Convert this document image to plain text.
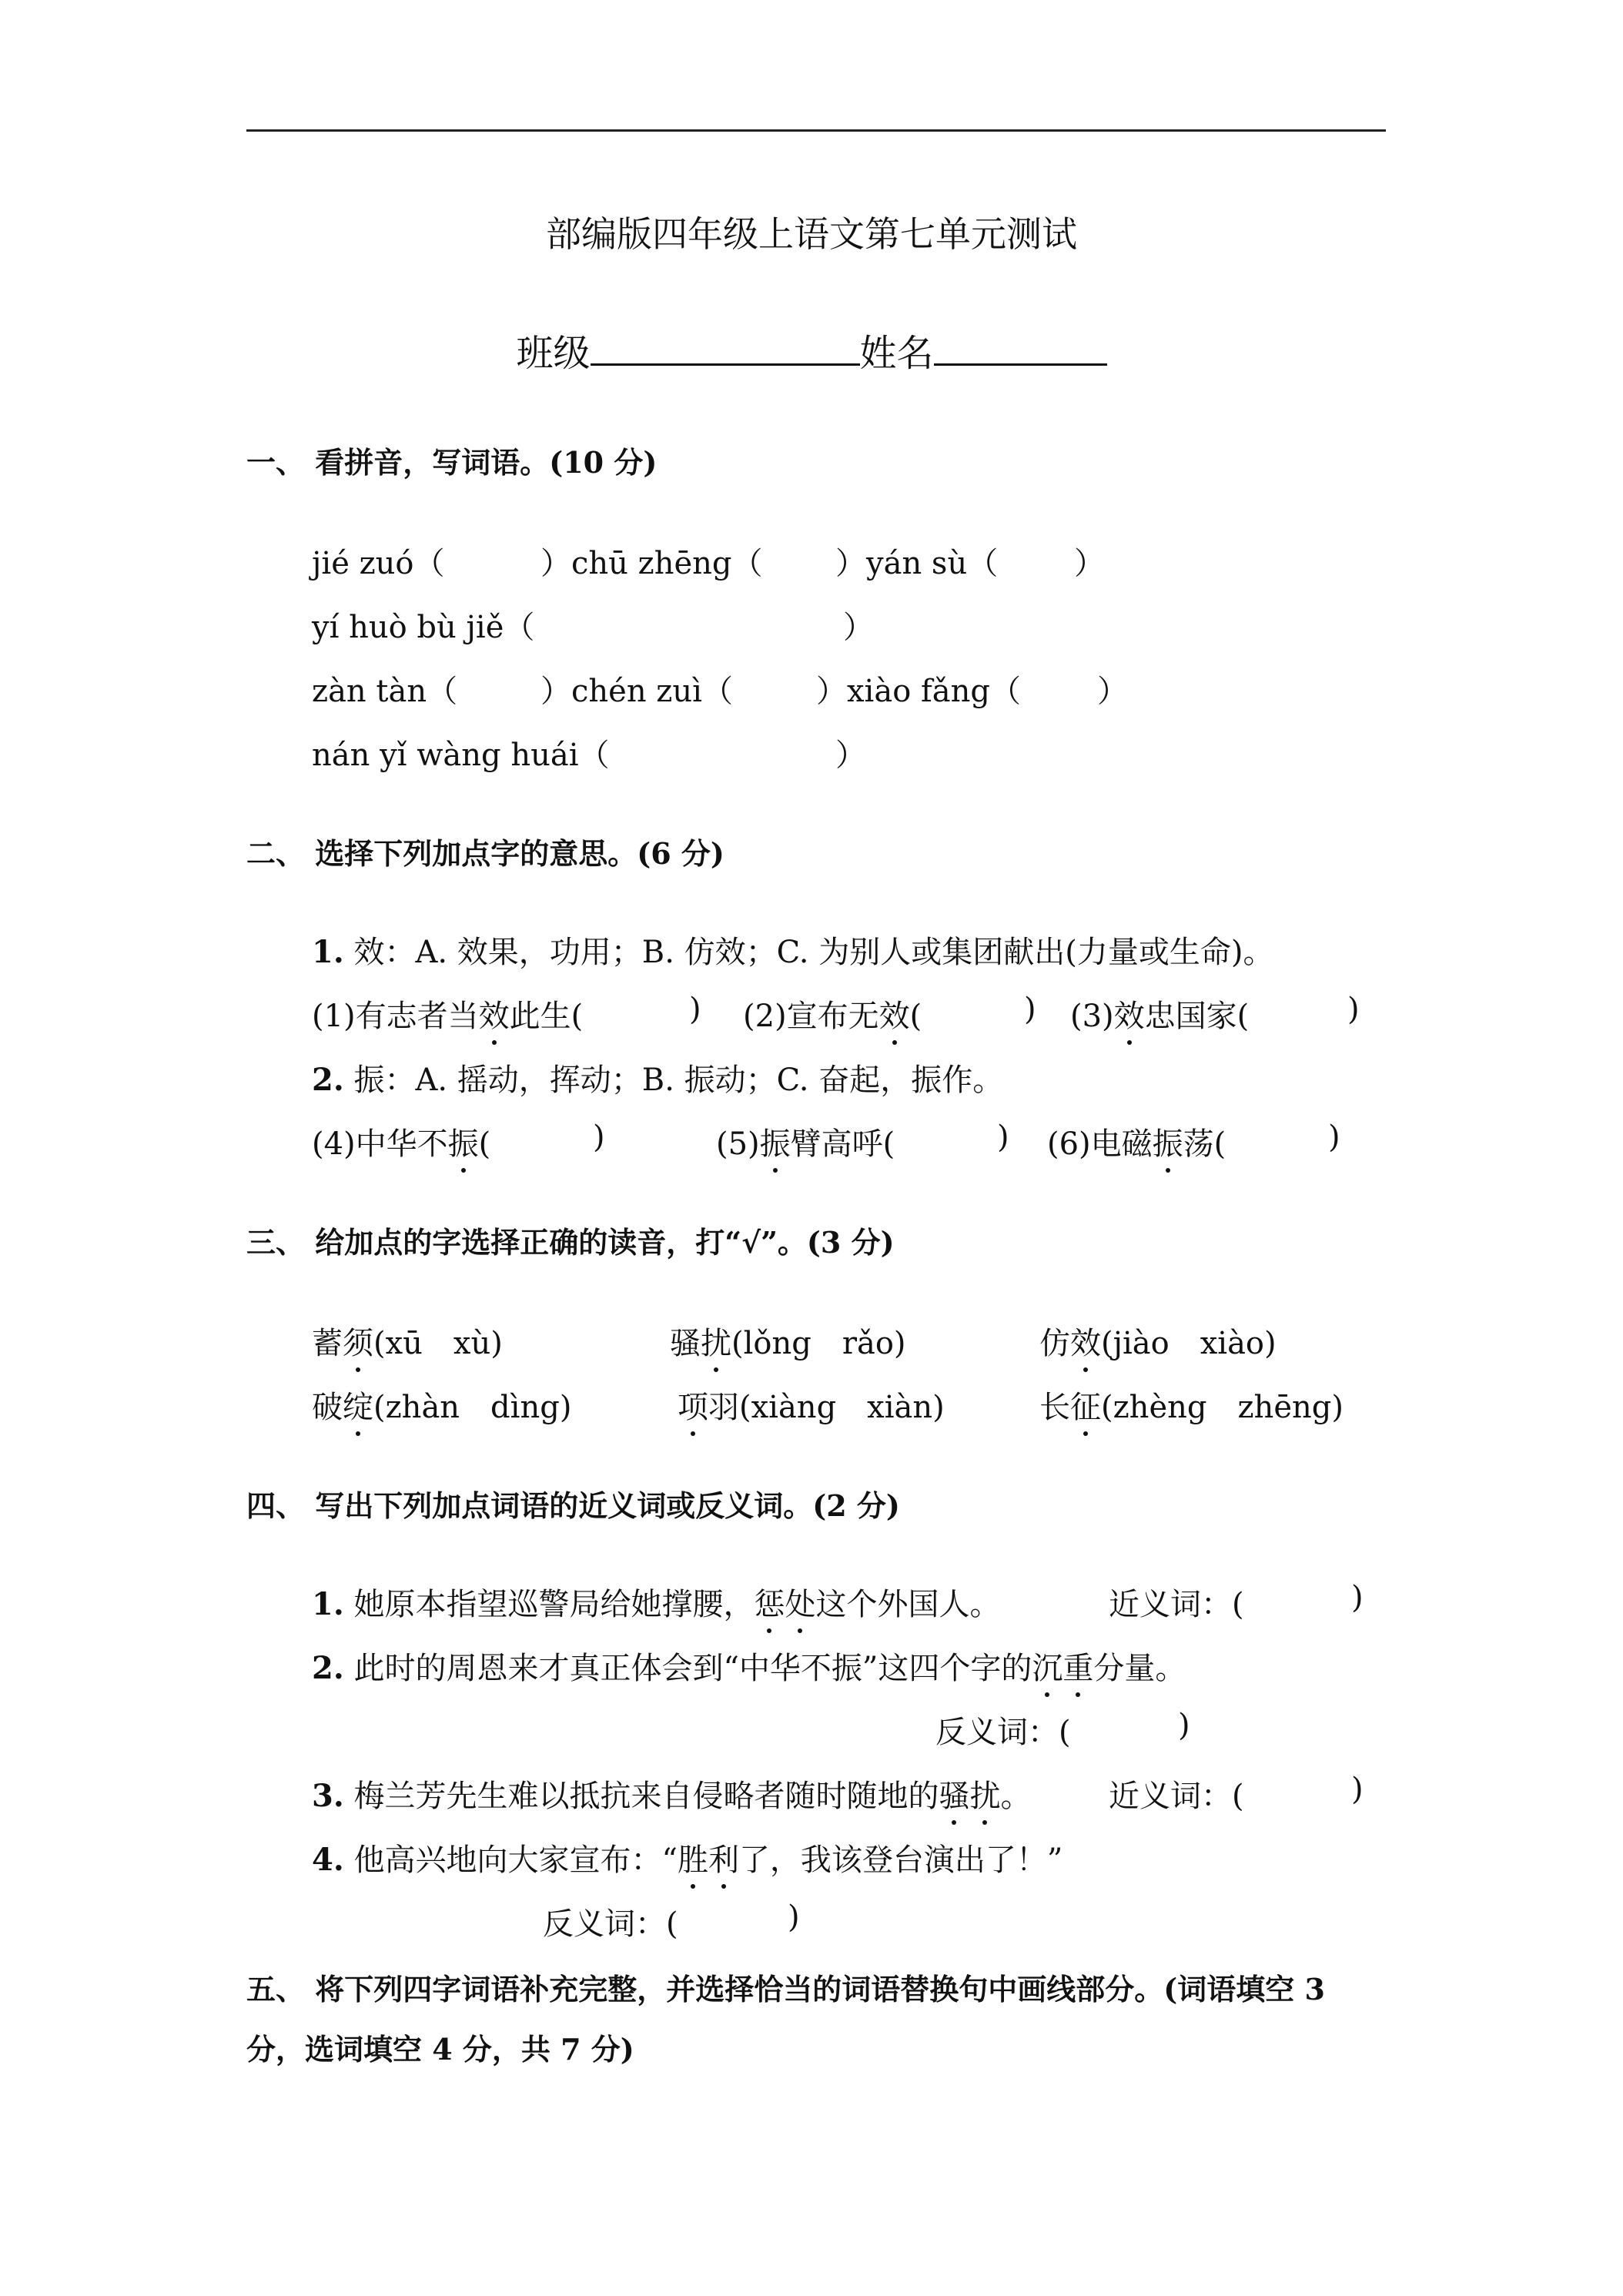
部编版四年级上语文第七单元测试
班级	姓名
一、 看拼音，写词语。(10 分)
jié zuó（	）chū zhēng（ ）yán sù（ ）
yí huò bù jiě（	）
zàn tàn（	）chén zuì（	）xiào fǎng（ ）
nán yǐ wàng huái（	）
二、 选择下列加点字的意思。(6 分)
1. 效：A. 效果，功用；B. 仿效；C. 为别人或集团献出(力量或生命)。
(1)有志者当效此生(	) (2)宣布无效(	) (3)效忠国家(	)
2. 振：A. 摇动，挥动；B. 振动；C. 奋起，振作。
(4)中华不振(	)	(5)振臂高呼(	) (6)电磁振荡(	)
三、 给加点的字选择正确的读音，打“√”。(3 分)
蓄须(xū　xù)	骚扰(lǒng　rǎo)	仿效(jiào　xiào)
破绽(zhàn　dìng)	项羽(xiàng　xiàn)	长征(zhèng　zhēng)
四、 写出下列加点词语的近义词或反义词。(2 分)
1. 她原本指望巡警局给她撑腰，惩处这个外国人。	近义词：(	)
2. 此时的周恩来才真正体会到“中华不振”这四个字的沉重分量。
反义词：(	)
3. 梅兰芳先生难以抵抗来自侵略者随时随地的骚扰。	近义词：(	)
4. 他高兴地向大家宣布：“胜利了，我该登台演出了！”
反义词：(	)
五、 将下列四字词语补充完整，并选择恰当的词语替换句中画线部分。(词语填空 3 分，选词填空 4 分，共 7 分)
